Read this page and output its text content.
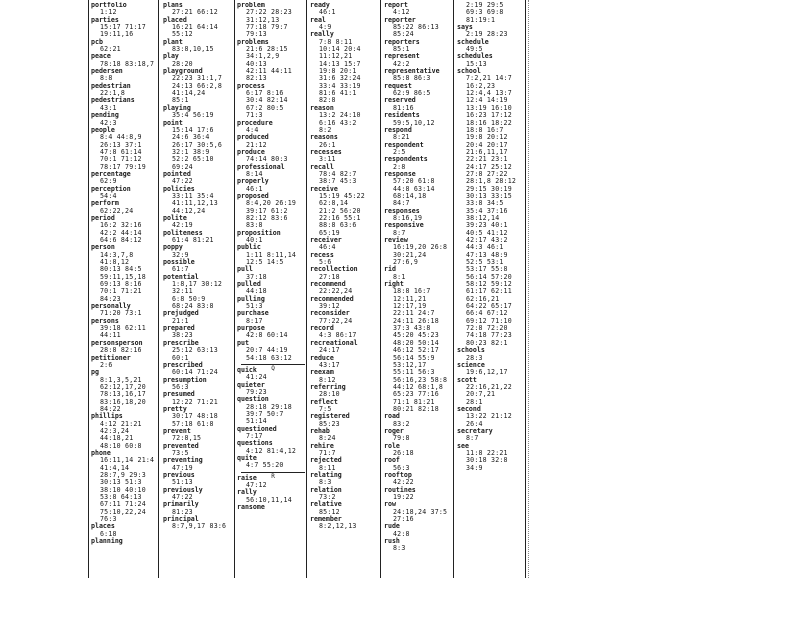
portfolio
1:12
parties
15:17 71:17
19:11,16
pcb
62:21
peace
78:18 83:18,7
pedersen
8:8
pedestrian
22:1,8
pedestrians
43:1
pending
42:3
people
8:4 44:8,9
26:13 37:1
47:8 61:14
70:1 71:12
78:17 79:19
percentage
62:9
perception
54:4
perform
62:22,24
period
16:2 32:16
42:2 44:14
64:6 84:12
person
14:3,7,8
41:8,12
80:13 84:5
59:11,15,18
69:13 8:16
70:1 71:21
84:23
personally
71:20 73:1
persons
39:18 62:11
44:11
personsperson
28:8 82:16
petitioner
2:6
pg
8:1,3,5,21
62:12,17,20
78:13,16,17
83:16,18,20
84:22
phillips
4:12 21:21
42:3,24
44:18,21
48:10 60:8
phone
16:11,14 21:4
41:4,14
28:7,9 29:3
30:13 51:3
38:10 40:10
53:8 64:13
67:11 71:24
75:10,22,24
76:3
places
6:18
planning
plans
27:21 66:12
placed
16:21 64:14
55:12
plant
83:8,10,15
play
28:20
playground
22:23 31:1,7
24:13 66:2,8
41:14,24
85:1
playing
35:4 56:19
point
15:14 17:6
24:6 36:4
26:17 30:5,6
32:1 38:9
52:2 65:10
69:24
pointed
47:22
policies
33:11 35:4
41:11,12,13
44:12,24
polite
42:19
politeness
61:4 81:21
poppy
32:9
possible
61:7
potential
1:8,17 30:12
32:11
6:8 50:9
68:24 83:8
prejudged
21:1
prepared
38:23
prescribe
25:12 63:13
60:1
prescribed
60:14 71:24
presumption
56:3
presumed
12:22 71:21
pretty
30:17 48:18
57:18 61:8
prevent
72:8,15
prevented
73:5
preventing
47:19
previous
51:13
previously
47:22
primarily
81:23
principal
8:7,9,17 83:6
problem
27:22 28:23
31:12,13
77:18 79:7
79:13
problems
21:6 28:15
34:1,2,9
40:13
42:11 44:11
82:13
process
6:17 8:16
30:4 82:14
67:2 80:5
71:3
procedure
4:4
produced
21:12
produce
74:14 80:3
professional
8:14
properly
46:1
proposed
8:4,20 26:19
39:17 61:2
82:12 83:6
83:8
proposition
40:1
public
1:11 8:11,14
12:5 14:5
pull
37:18
pulled
44:18
pulling
51:3
purchase
8:17
purpose
42:8 60:14
put
20:7 44:19
54:18 63:12
Q
quick
41:24
quieter
79:23
question
28:18 29:18
39:7 50:7
51:14
questioned
7:17
questions
4:12 81:4,12
quite
4:7 55:20
R
raise
47:12
rally
56:10,11,14
ransome
ready
46:1
real
4:9
really
7:8 8:11
10:14 20:4
11:12,21
14:13 15:7
19:8 20:1
31:6 32:24
33:4 33:19
81:6 41:1
82:8
reason
13:2 24:10
6:16 43:2
8:2
reasons
26:1
recesses
3:11
recall
78:4 82:7
38:7 45:3
receive
15:19 45:22
62:8,14
21:2 56:20
22:16 55:1
88:8 63:6
65:19
receiver
46:4
recess
5:6
recollection
27:18
recommend
22:22,24
recommended
39:12
reconsider
77:22,24
record
4:3 86:17
recreational
24:17
reduce
43:17
reexam
8:12
referring
28:10
reflect
7:5
registered
85:23
rehab
8:24
rehire
71:7
rejected
8:11
relating
8:3
relation
73:2
relative
85:12
remember
8:2,12,13
report
4:12
reporter
85:22 86:13
85:24
reporters
85:1
represent
42:2
representative
85:8 86:3
request
62:9 86:5
reserved
81:16
residents
59:5,10,12
respond
8:21
respondent
2:5
respondents
2:8
response
57:20 61:8
44:8 63:14
68:14,18
84:7
responses
8:16,19
responsive
8:7
review
16:19,20 26:8
30:21,24
27:6,9
rid
8:1
right
18:8 16:7
12:11,21
12:17,19
22:11 24:7
24:11 26:18
37:3 43:8
45:20 45:23
48:20 50:14
46:12 52:17
56:14 55:9
53:12,17
55:11 56:3
56:16,23 58:8
44:12 68:1,8
65:23 77:16
71:1 81:21
80:21 82:18
road
83:2
roger
79:8
role
26:18
roof
56:3
rooftop
42:22
routines
19:22
row
24:18,24 37:5
27:16
rude
42:8
rush
8:3
2:19 29:5
69:3 69:8
81:19:1
says
2:19 28:23
schedule
49:5
schedules
15:13
school
7:2,21 14:7
16:2,23
12:4,4 13:7
12:4 14:19
13:19 16:10
16:23 17:12
18:16 18:22
18:8 16:7
19:8 20:12
20:4 20:17
21:6,11,17
22:21 23:1
24:17 25:12
27:8 27:22
28:1,8 28:12
29:15 30:19
30:13 33:15
33:8 34:5
35:4 37:16
38:12,14
39:23 40:1
40:5 41:12
42:17 43:2
44:3 46:1
47:13 48:9
52:5 53:1
53:17 55:8
56:14 57:20
58:12 59:12
61:17 62:11
62:16,21
64:22 65:17
66:4 67:12
69:12 71:10
72:8 72:20
74:18 77:23
80:23 82:1
schools
28:3
science
19:6,12,17
scott
22:16,21,22
20:7,21
28:1
second
13:22 21:12
26:4
secretary
8:7
see
11:8 22:21
30:18 32:8
34:9
